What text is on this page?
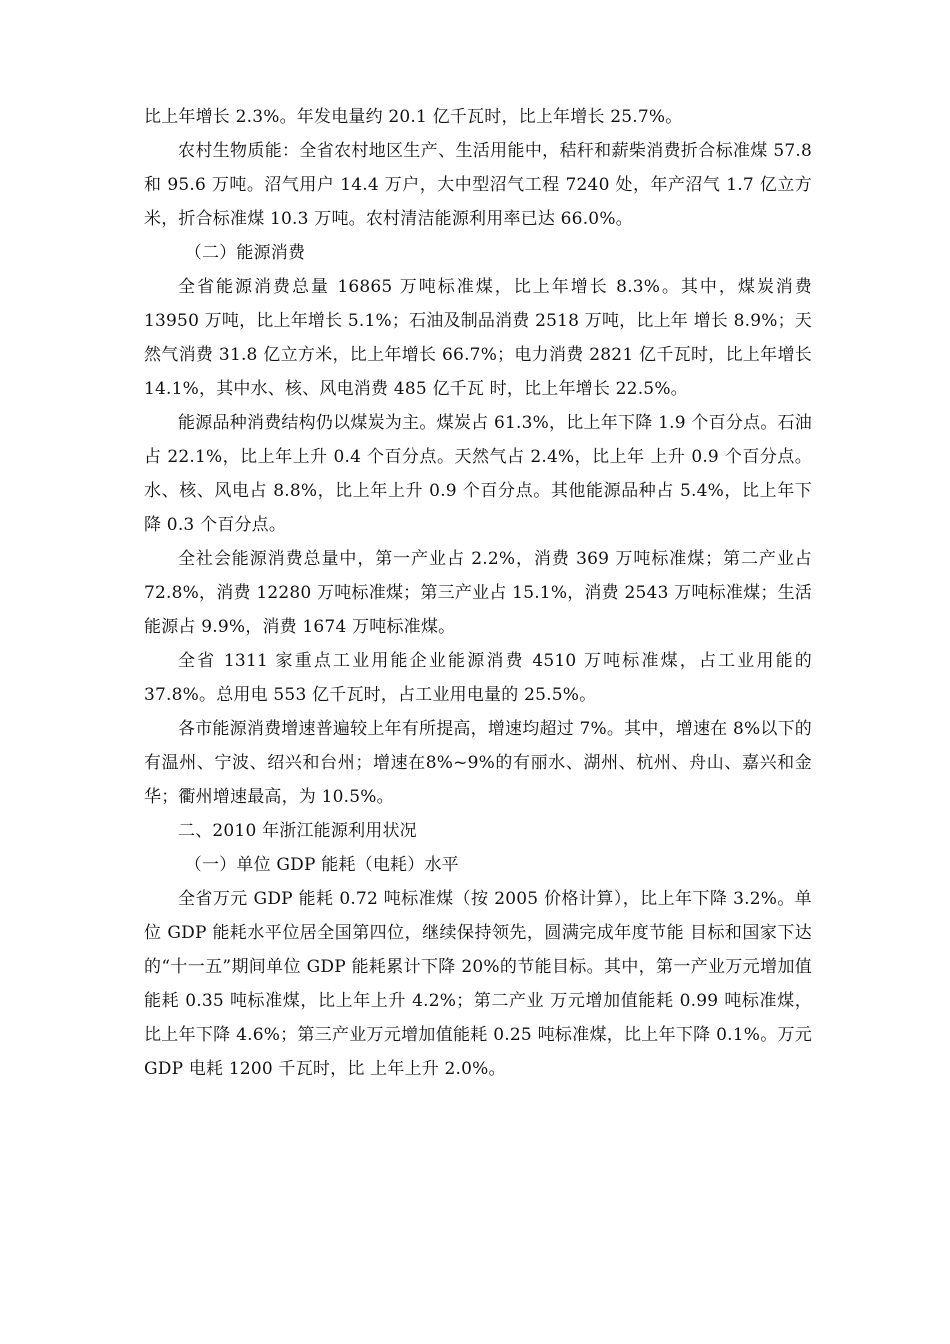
比上年增长 2.3%。年发电量约 20.1 亿千瓦时，比上年增长 25.7%。

农村生物质能：全省农村地区生产、生活用能中，秸秆和薪柴消费折合标准煤 57.8 和 95.6 万吨。沼气用户 14.4 万户，大中型沼气工程 7240 处，年产沼气 1.7 亿立方米，折合标准煤 10.3 万吨。农村清洁能源利用率已达 66.0%。

（二）能源消费

全省能源消费总量 16865 万吨标准煤，比上年增长 8.3%。其中，煤炭消费 13950 万吨，比上年增长 5.1%；石油及制品消费 2518 万吨，比上年 增长 8.9%；天然气消费 31.8 亿立方米，比上年增长 66.7%；电力消费 2821 亿千瓦时，比上年增长 14.1%，其中水、核、风电消费 485 亿千瓦 时，比上年增长 22.5%。

能源品种消费结构仍以煤炭为主。煤炭占 61.3%，比上年下降 1.9 个百分点。石油占 22.1%，比上年上升 0.4 个百分点。天然气占 2.4%，比上年 上升 0.9 个百分点。水、核、风电占 8.8%，比上年上升 0.9 个百分点。其他能源品种占 5.4%，比上年下降 0.3 个百分点。

全社会能源消费总量中，第一产业占 2.2%，消费 369 万吨标准煤；第二产业占 72.8%，消费 12280 万吨标准煤；第三产业占 15.1%，消费 2543 万吨标准煤；生活能源占 9.9%，消费 1674 万吨标准煤。

全省 1311 家重点工业用能企业能源消费 4510 万吨标准煤，占工业用能的 37.8%。总用电 553 亿千瓦时，占工业用电量的 25.5%。

各市能源消费增速普遍较上年有所提高，增速均超过 7%。其中，增速在 8%以下的有温州、宁波、绍兴和台州；增速在8%~9%的有丽水、湖州、杭州、舟山、嘉兴和金华；衢州增速最高，为 10.5%。

二、2010 年浙江能源利用状况

（一）单位 GDP 能耗（电耗）水平

全省万元 GDP 能耗 0.72 吨标准煤（按 2005 价格计算），比上年下降 3.2%。单位 GDP 能耗水平位居全国第四位，继续保持领先，圆满完成年度节能 目标和国家下达的“十一五”期间单位 GDP 能耗累计下降 20%的节能目标。其中，第一产业万元增加值能耗 0.35 吨标准煤，比上年上升 4.2%；第二产业 万元增加值能耗 0.99 吨标准煤，比上年下降 4.6%；第三产业万元增加值能耗 0.25 吨标准煤，比上年下降 0.1%。万元 GDP 电耗 1200 千瓦时，比 上年上升 2.0%。
